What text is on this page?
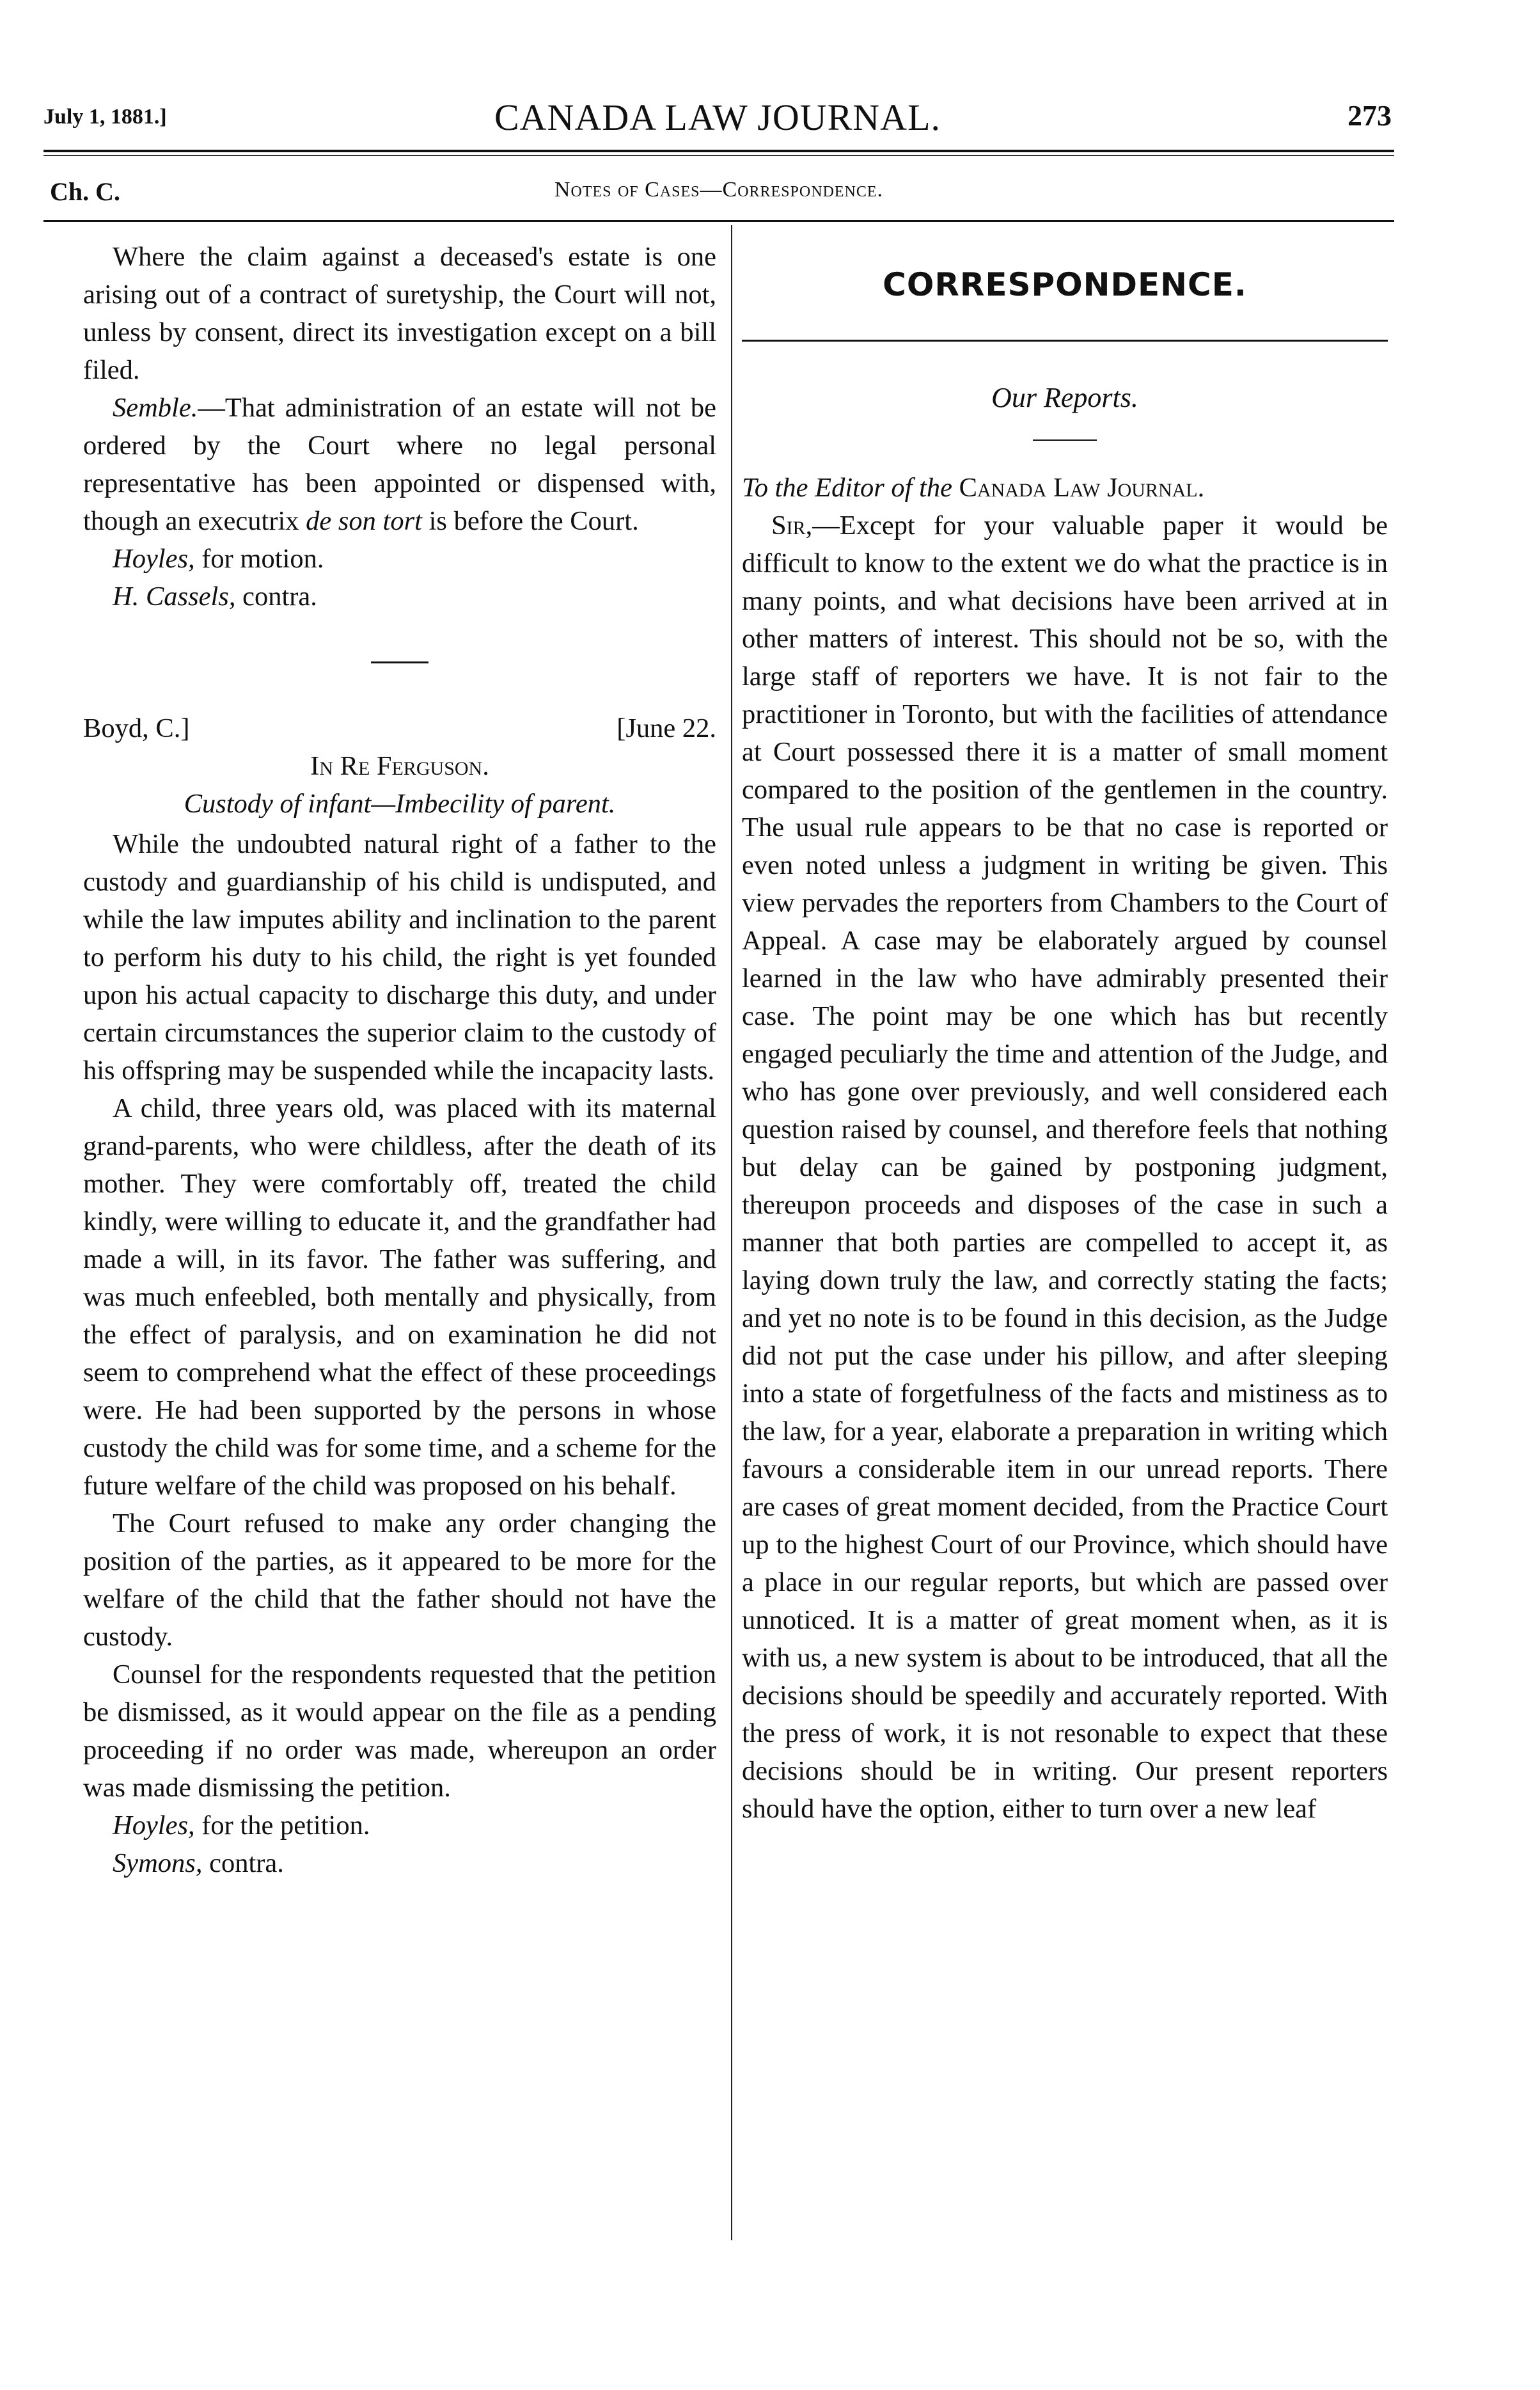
July 1, 1881.]	CANADA LAW JOURNAL.	273
Ch. C.	Notes of Cases—Correspondence.

Where the claim against a deceased's estate is one arising out of a contract of suretyship, the Court will not, unless by consent, direct its investigation except on a bill filed.

Semble.—That administration of an estate will not be ordered by the Court where no legal personal representative has been appointed or dispensed with, though an executrix de son tort is before the Court.

Hoyles, for motion.

H. Cassels, contra.

Boyd, C.]	[June 22.

In Re Ferguson.

Custody of infant—Imbecility of parent.

While the undoubted natural right of a father to the custody and guardianship of his child is undisputed, and while the law imputes ability and inclination to the parent to perform his duty to his child, the right is yet founded upon his actual capacity to discharge this duty, and under certain circumstances the superior claim to the custody of his offspring may be suspended while the incapacity lasts.

A child, three years old, was placed with its maternal grand-parents, who were childless, after the death of its mother. They were comfortably off, treated the child kindly, were willing to educate it, and the grandfather had made a will, in its favor. The father was suffering, and was much enfeebled, both mentally and physically, from the effect of paralysis, and on examination he did not seem to comprehend what the effect of these proceedings were. He had been supported by the persons in whose custody the child was for some time, and a scheme for the future welfare of the child was proposed on his behalf.

The Court refused to make any order changing the position of the parties, as it appeared to be more for the welfare of the child that the father should not have the custody.

Counsel for the respondents requested that the petition be dismissed, as it would appear on the file as a pending proceeding if no order was made, whereupon an order was made dismissing the petition.

Hoyles, for the petition.

Symons, contra.

CORRESPONDENCE.
Our Reports.

To the Editor of the Canada Law Journal.

Sir,—Except for your valuable paper it would be difficult to know to the extent we do what the practice is in many points, and what decisions have been arrived at in other matters of interest. This should not be so, with the large staff of reporters we have. It is not fair to the practitioner in Toronto, but with the facilities of attendance at Court possessed there it is a matter of small moment compared to the position of the gentlemen in the country. The usual rule appears to be that no case is reported or even noted unless a judgment in writing be given. This view pervades the reporters from Chambers to the Court of Appeal. A case may be elaborately argued by counsel learned in the law who have admirably presented their case. The point may be one which has but recently engaged peculiarly the time and attention of the Judge, and who has gone over previously, and well considered each question raised by counsel, and therefore feels that nothing but delay can be gained by postponing judgment, thereupon proceeds and disposes of the case in such a manner that both parties are compelled to accept it, as laying down truly the law, and correctly stating the facts; and yet no note is to be found in this decision, as the Judge did not put the case under his pillow, and after sleeping into a state of forgetfulness of the facts and mistiness as to the law, for a year, elaborate a preparation in writing which favours a considerable item in our unread reports. There are cases of great moment decided, from the Practice Court up to the highest Court of our Province, which should have a place in our regular reports, but which are passed over unnoticed. It is a matter of great moment when, as it is with us, a new system is about to be introduced, that all the decisions should be speedily and accurately reported. With the press of work, it is not resonable to expect that these decisions should be in writing. Our present reporters should have the option, either to turn over a new leaf
